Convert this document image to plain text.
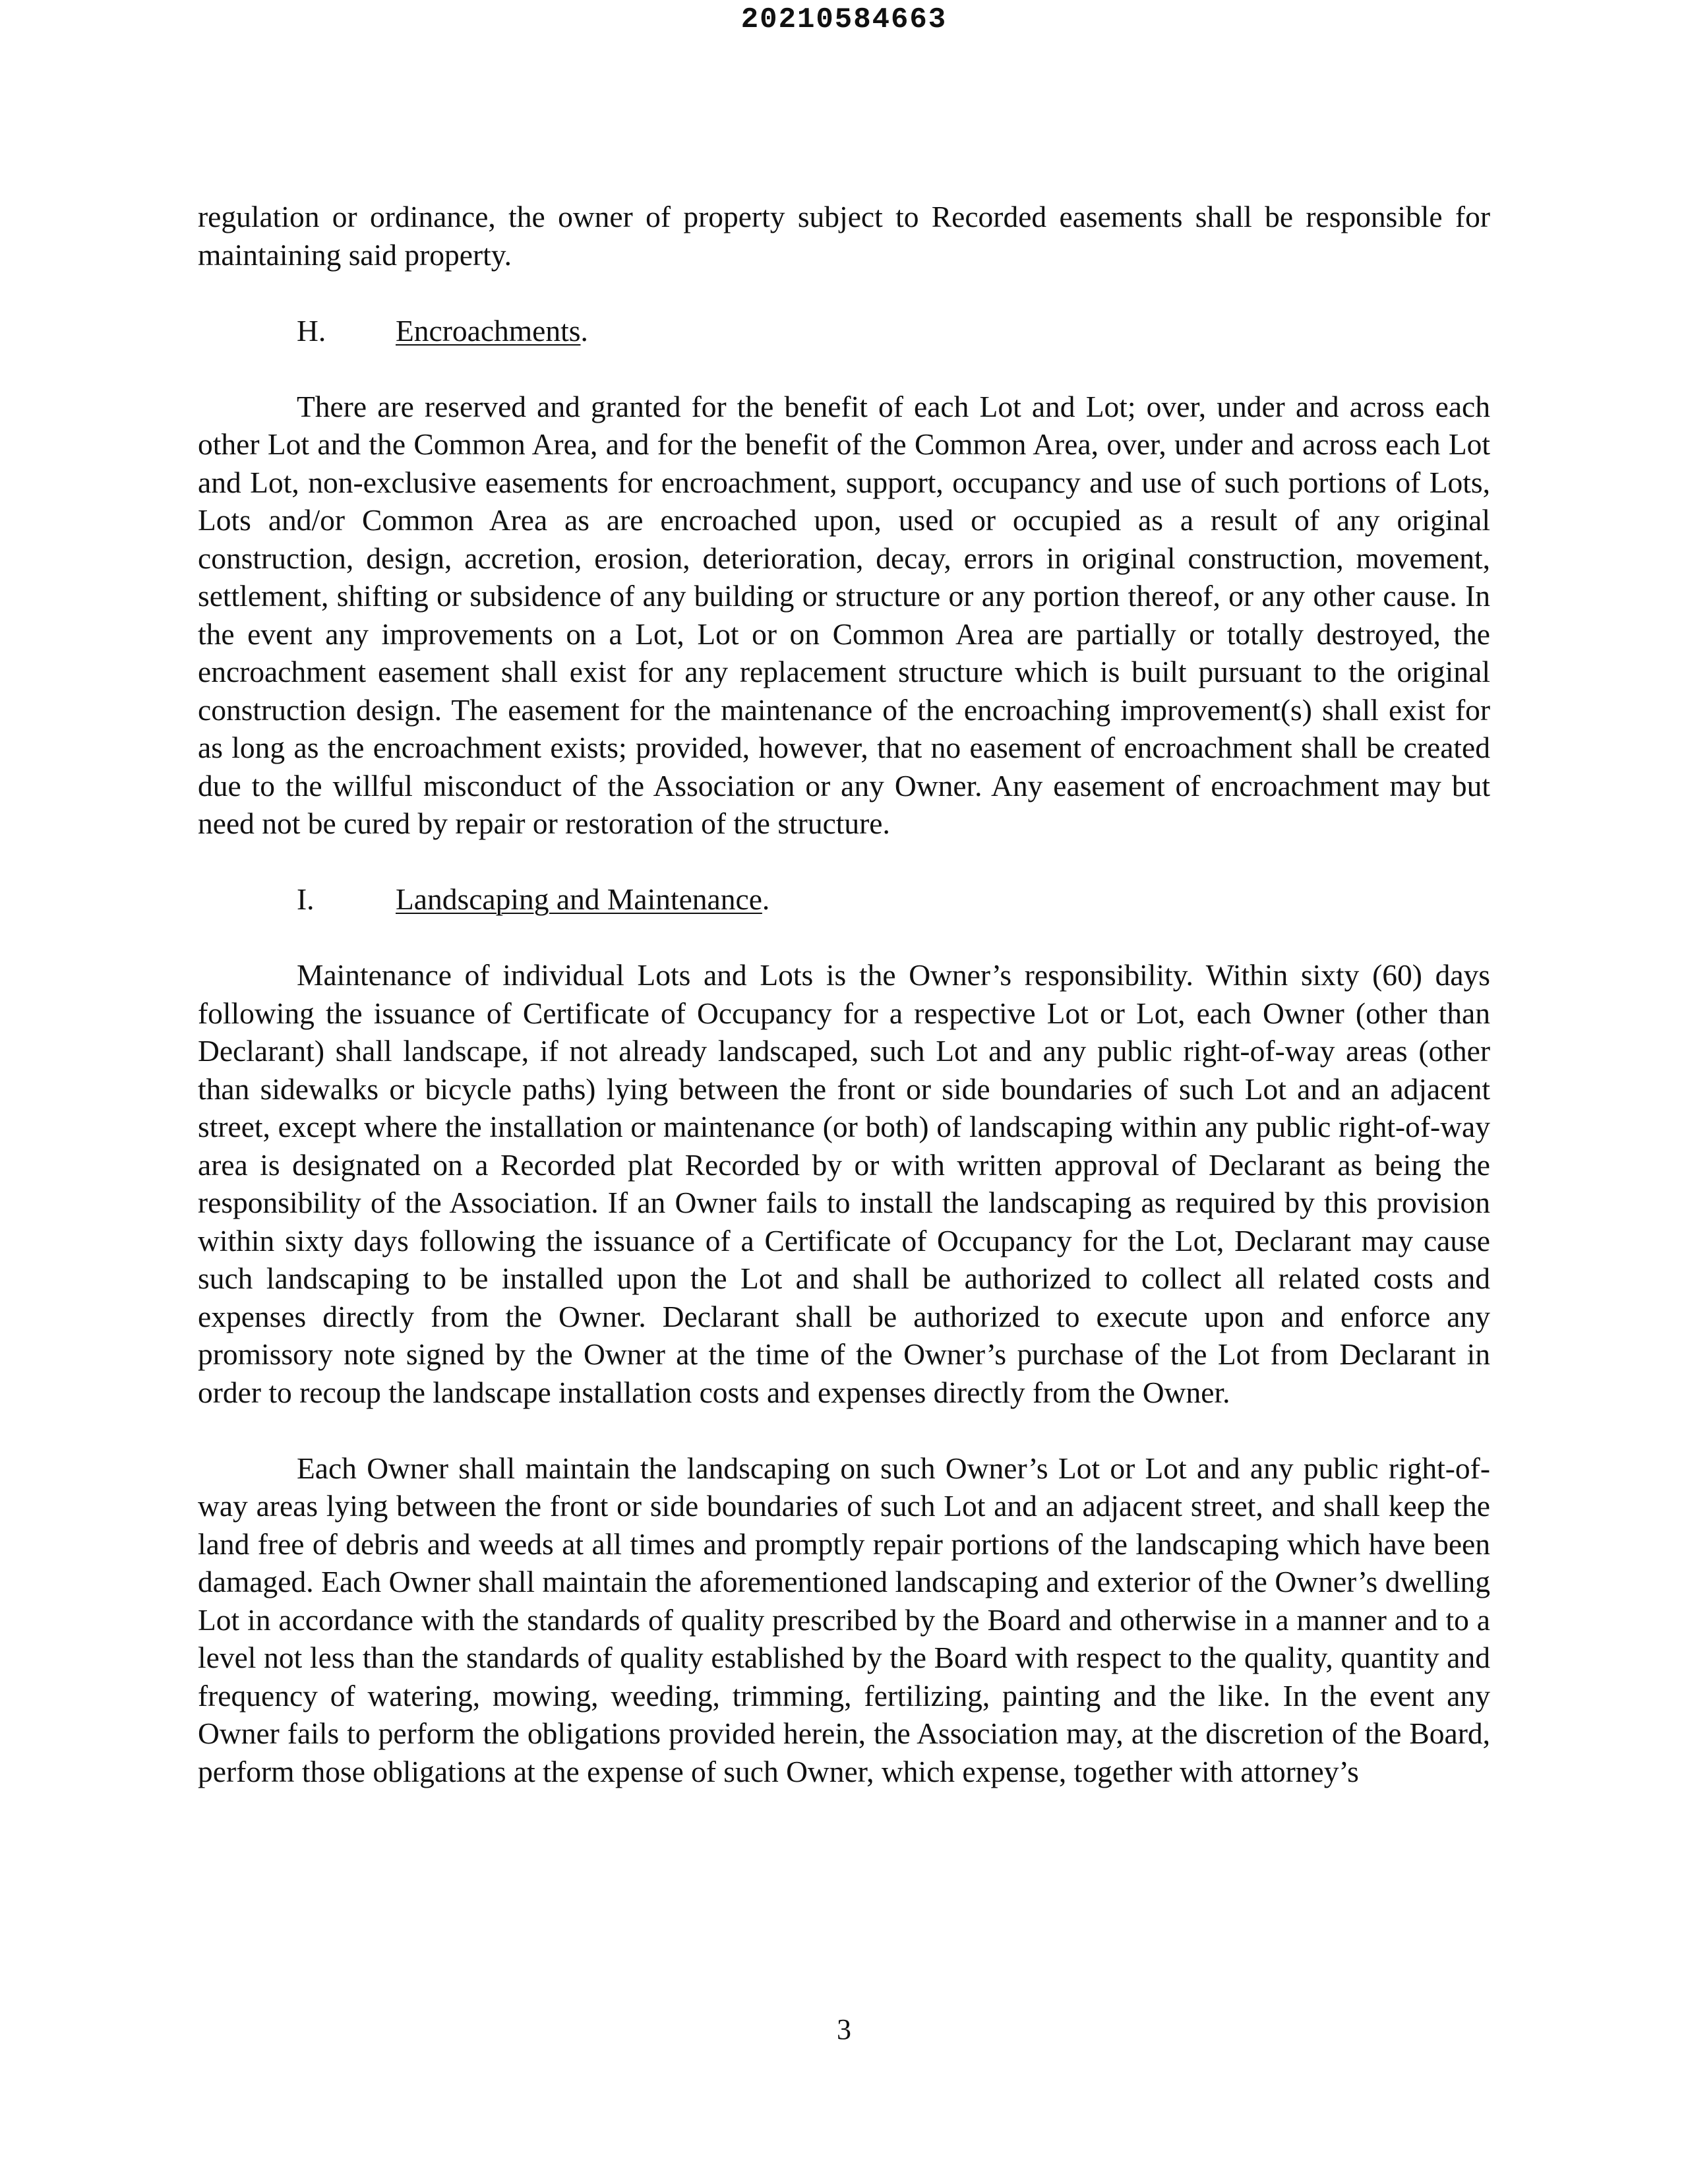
20210584663

regulation or ordinance, the owner of property subject to Recorded easements shall be responsible for maintaining said property.

H. Encroachments.

There are reserved and granted for the benefit of each Lot and Lot; over, under and across each other Lot and the Common Area, and for the benefit of the Common Area, over, under and across each Lot and Lot, non-exclusive easements for encroachment, support, occupancy and use of such portions of Lots, Lots and/or Common Area as are encroached upon, used or occupied as a result of any original construction, design, accretion, erosion, deterioration, decay, errors in original construction, movement, settlement, shifting or subsidence of any building or structure or any portion thereof, or any other cause. In the event any improvements on a Lot, Lot or on Common Area are partially or totally destroyed, the encroachment easement shall exist for any replacement structure which is built pursuant to the original construction design. The easement for the maintenance of the encroaching improvement(s) shall exist for as long as the encroachment exists; provided, however, that no easement of encroachment shall be created due to the willful misconduct of the Association or any Owner. Any easement of encroachment may but need not be cured by repair or restoration of the structure.

I.	Landscaping and Maintenance.

Maintenance of individual Lots and Lots is the Owner’s responsibility. Within sixty (60) days following the issuance of Certificate of Occupancy for a respective Lot or Lot, each Owner (other than Declarant) shall landscape, if not already landscaped, such Lot and any public right-of-way areas (other than sidewalks or bicycle paths) lying between the front or side boundaries of such Lot and an adjacent street, except where the installation or maintenance (or both) of landscaping within any public right-of-way area is designated on a Recorded plat Recorded by or with written approval of Declarant as being the responsibility of the Association. If an Owner fails to install the landscaping as required by this provision within sixty days following the issuance of a Certificate of Occupancy for the Lot, Declarant may cause such landscaping to be installed upon the Lot and shall be authorized to collect all related costs and expenses directly from the Owner. Declarant shall be authorized to execute upon and enforce any promissory note signed by the Owner at the time of the Owner’s purchase of the Lot from Declarant in order to recoup the landscape installation costs and expenses directly from the Owner.

Each Owner shall maintain the landscaping on such Owner’s Lot or Lot and any public right-of-way areas lying between the front or side boundaries of such Lot and an adjacent street, and shall keep the land free of debris and weeds at all times and promptly repair portions of the landscaping which have been damaged. Each Owner shall maintain the aforementioned landscaping and exterior of the Owner’s dwelling Lot in accordance with the standards of quality prescribed by the Board and otherwise in a manner and to a level not less than the standards of quality established by the Board with respect to the quality, quantity and frequency of watering, mowing, weeding, trimming, fertilizing, painting and the like. In the event any Owner fails to perform the obligations provided herein, the Association may, at the discretion of the Board, perform those obligations at the expense of such Owner, which expense, together with attorney’s

3
